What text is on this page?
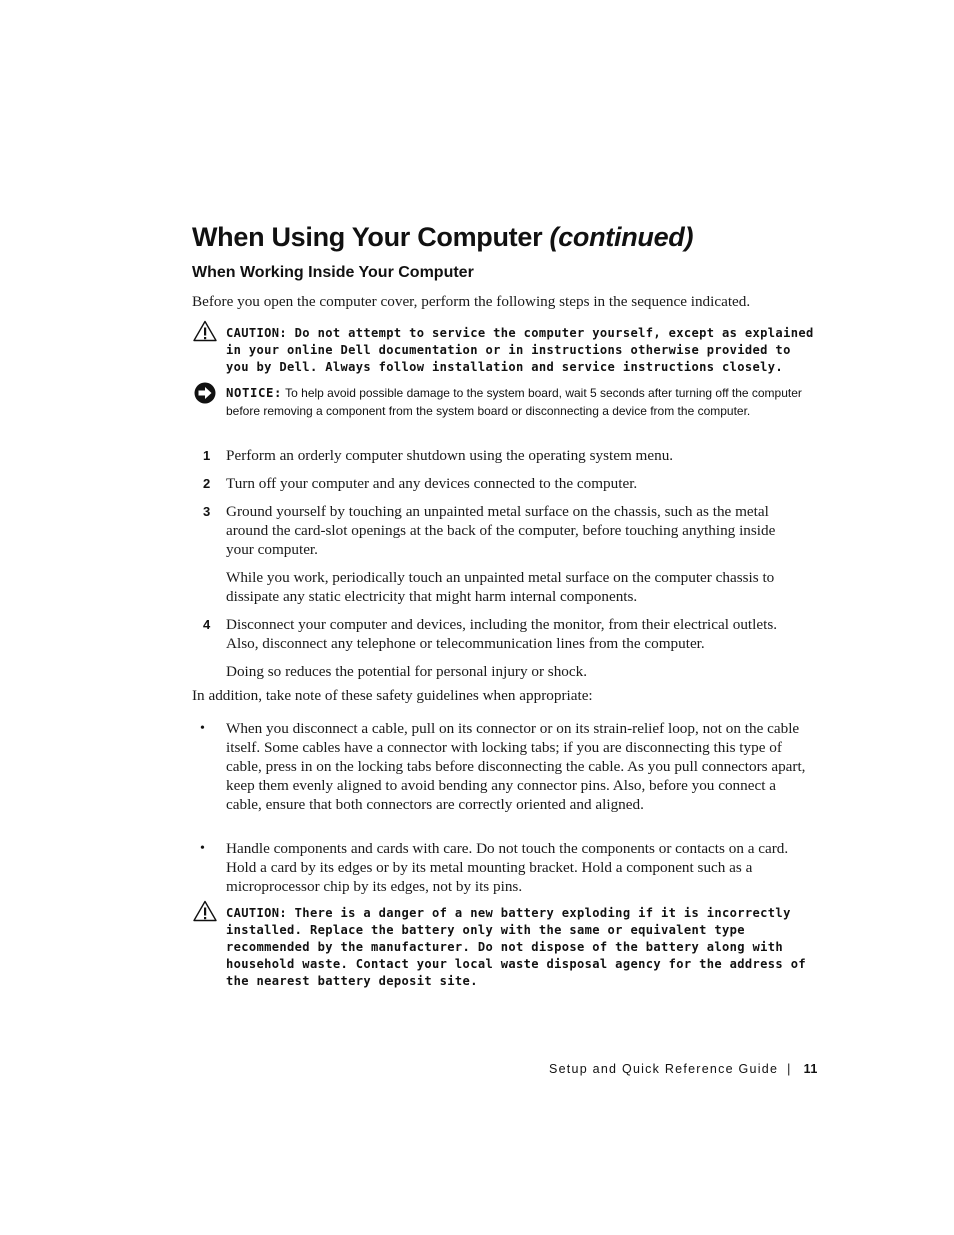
When Using Your Computer (continued)
When Working Inside Your Computer
Before you open the computer cover, perform the following steps in the sequence indicated.
CAUTION: Do not attempt to service the computer yourself, except as explained in your online Dell documentation or in instructions otherwise provided to you by Dell. Always follow installation and service instructions closely.
NOTICE: To help avoid possible damage to the system board, wait 5 seconds after turning off the computer before removing a component from the system board or disconnecting a device from the computer.
1 Perform an orderly computer shutdown using the operating system menu.
2 Turn off your computer and any devices connected to the computer.
3 Ground yourself by touching an unpainted metal surface on the chassis, such as the metal around the card-slot openings at the back of the computer, before touching anything inside your computer.
While you work, periodically touch an unpainted metal surface on the computer chassis to dissipate any static electricity that might harm internal components.
4 Disconnect your computer and devices, including the monitor, from their electrical outlets. Also, disconnect any telephone or telecommunication lines from the computer.
Doing so reduces the potential for personal injury or shock.
In addition, take note of these safety guidelines when appropriate:
• When you disconnect a cable, pull on its connector or on its strain-relief loop, not on the cable itself. Some cables have a connector with locking tabs; if you are disconnecting this type of cable, press in on the locking tabs before disconnecting the cable. As you pull connectors apart, keep them evenly aligned to avoid bending any connector pins. Also, before you connect a cable, ensure that both connectors are correctly oriented and aligned.
• Handle components and cards with care. Do not touch the components or contacts on a card. Hold a card by its edges or by its metal mounting bracket. Hold a component such as a microprocessor chip by its edges, not by its pins.
CAUTION: There is a danger of a new battery exploding if it is incorrectly installed. Replace the battery only with the same or equivalent type recommended by the manufacturer. Do not dispose of the battery along with household waste. Contact your local waste disposal agency for the address of the nearest battery deposit site.
Setup and Quick Reference Guide | 11
